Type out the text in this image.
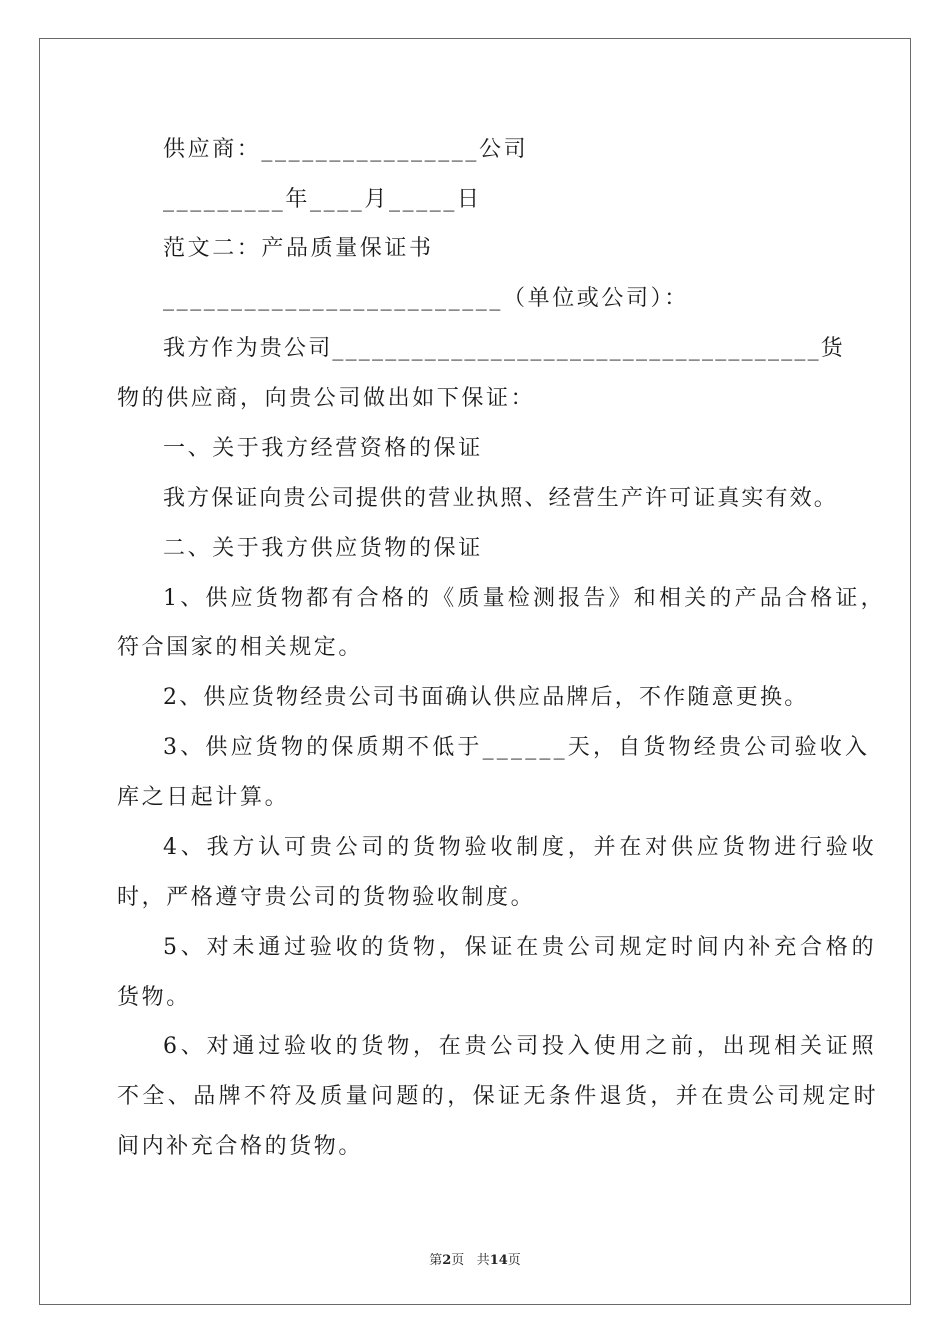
供应商：________________公司
_________年____月_____日
范文二：产品质量保证书
_________________________（单位或公司）：
我方作为贵公司_____________________________________货
物的供应商，向贵公司做出如下保证：
一、关于我方经营资格的保证
我方保证向贵公司提供的营业执照、经营生产许可证真实有效。
二、关于我方供应货物的保证
1、供应货物都有合格的《质量检测报告》和相关的产品合格证，
符合国家的相关规定。
2、供应货物经贵公司书面确认供应品牌后，不作随意更换。
3、供应货物的保质期不低于______天，自货物经贵公司验收入
库之日起计算。
4、我方认可贵公司的货物验收制度，并在对供应货物进行验收
时，严格遵守贵公司的货物验收制度。
5、对未通过验收的货物，保证在贵公司规定时间内补充合格的
货物。
6、对通过验收的货物，在贵公司投入使用之前，出现相关证照
不全、品牌不符及质量问题的，保证无条件退货，并在贵公司规定时
间内补充合格的货物。
第2页 共14页
